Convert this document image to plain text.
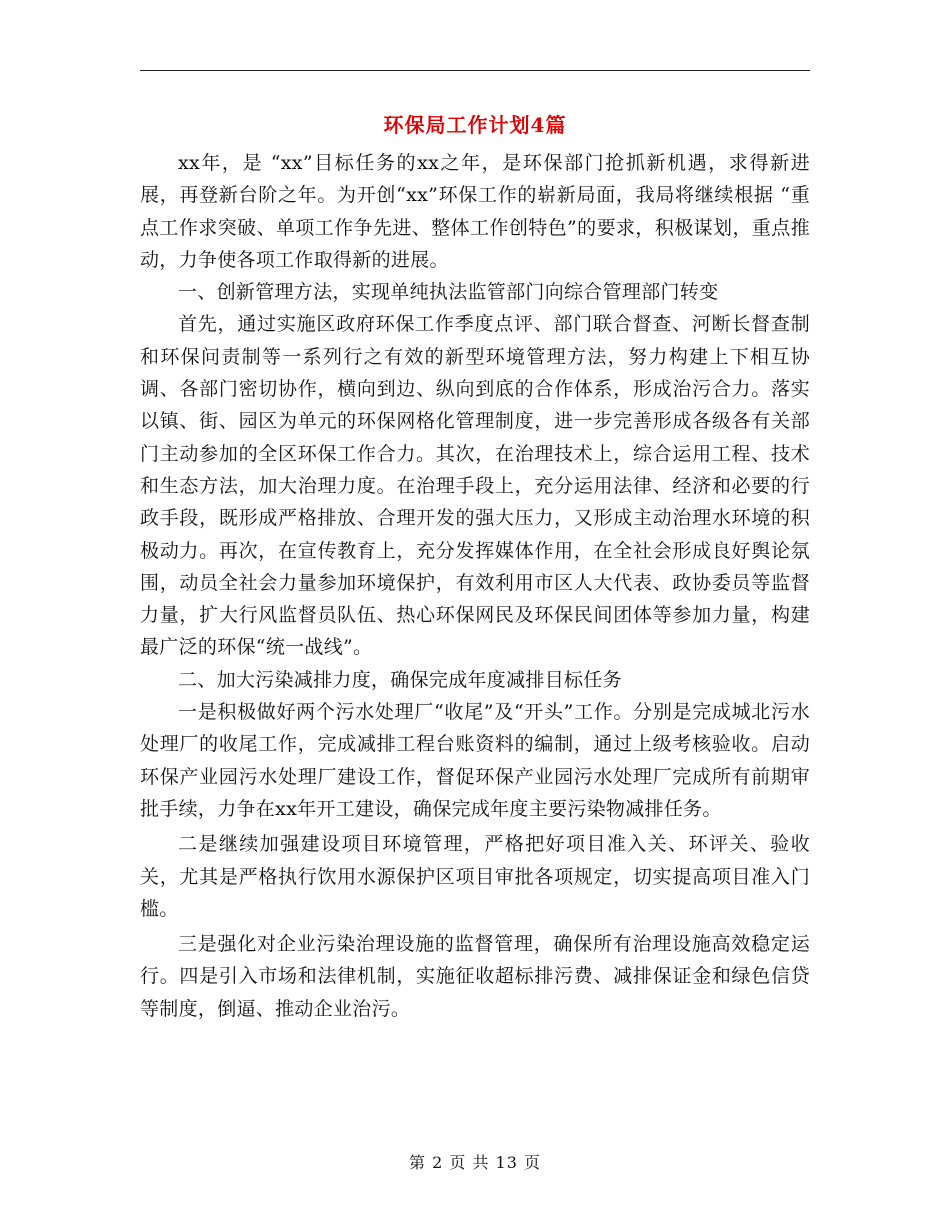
环保局工作计划4篇

xx年，是 “xx”目标任务的xx之年，是环保部门抢抓新机遇，求得新进展，再登新台阶之年。为开创“xx”环保工作的崭新局面，我局将继续根据 “重点工作求突破、单项工作争先进、整体工作创特色”的要求，积极谋划，重点推动，力争使各项工作取得新的进展。

一、创新管理方法，实现单纯执法监管部门向综合管理部门转变

首先，通过实施区政府环保工作季度点评、部门联合督查、河断长督查制和环保问责制等一系列行之有效的新型环境管理方法，努力构建上下相互协调、各部门密切协作，横向到边、纵向到底的合作体系，形成治污合力。落实以镇、街、园区为单元的环保网格化管理制度，进一步完善形成各级各有关部门主动参加的全区环保工作合力。其次，在治理技术上，综合运用工程、技术和生态方法，加大治理力度。在治理手段上，充分运用法律、经济和必要的行政手段，既形成严格排放、合理开发的强大压力，又形成主动治理水环境的积极动力。再次，在宣传教育上，充分发挥媒体作用，在全社会形成良好舆论氛围，动员全社会力量参加环境保护，有效利用市区人大代表、政协委员等监督力量，扩大行风监督员队伍、热心环保网民及环保民间团体等参加力量，构建最广泛的环保“统一战线”。

二、加大污染减排力度，确保完成年度减排目标任务

一是积极做好两个污水处理厂“收尾”及“开头”工作。分别是完成城北污水处理厂的收尾工作，完成减排工程台账资料的编制，通过上级考核验收。启动环保产业园污水处理厂建设工作，督促环保产业园污水处理厂完成所有前期审批手续，力争在xx年开工建设，确保完成年度主要污染物减排任务。

二是继续加强建设项目环境管理，严格把好项目准入关、环评关、验收关，尤其是严格执行饮用水源保护区项目审批各项规定，切实提高项目准入门槛。

三是强化对企业污染治理设施的监督管理，确保所有治理设施高效稳定运行。四是引入市场和法律机制，实施征收超标排污费、减排保证金和绿色信贷等制度，倒逼、推动企业治污。

第 2 页 共 13 页
